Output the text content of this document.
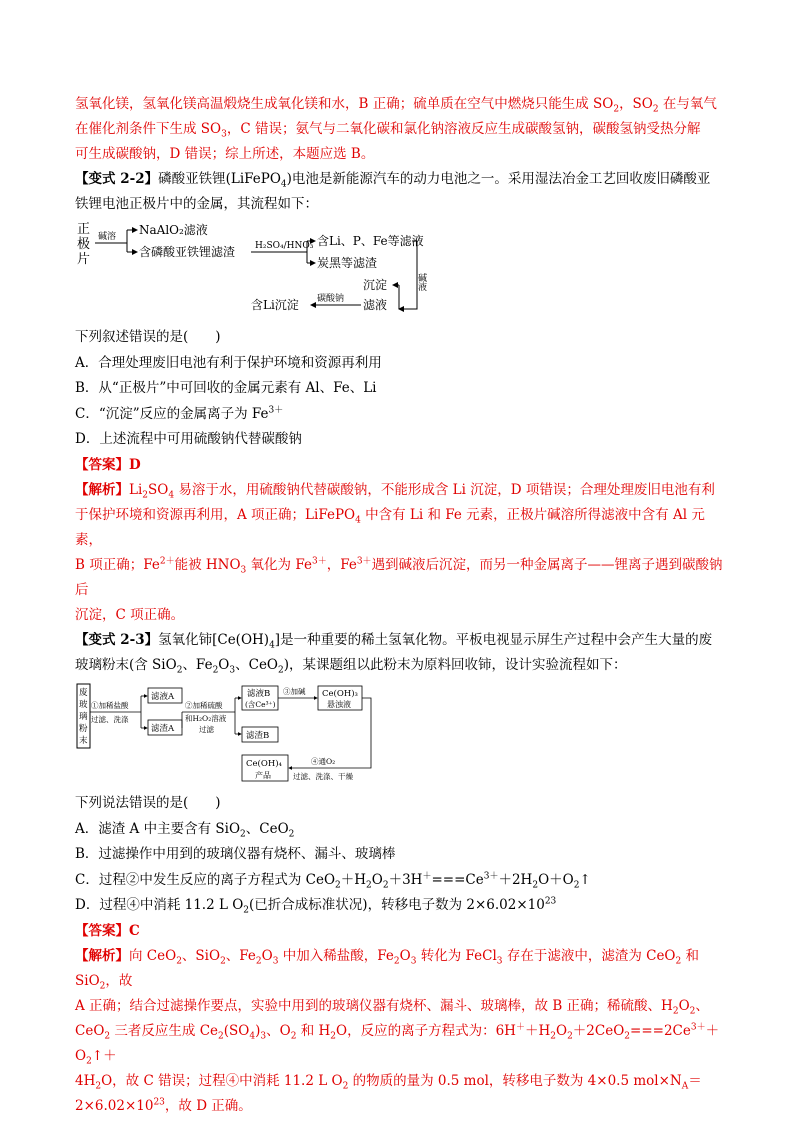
氢氧化镁，氢氧化镁高温煅烧生成氧化镁和水，B 正确；硫单质在空气中燃烧只能生成 $SO_2$，$SO_2$ 在与氧气

在催化剂条件下生成 $SO_3$，C 错误；氨气与二氧化碳和氯化钠溶液反应生成碳酸氢钠，碳酸氢钠受热分解

可生成碳酸钠，D 错误；综上所述，本题应选 B。

【变式 2-2】磷酸亚铁锂(LiFePO$_4$)电池是新能源汽车的动力电池之一。采用湿法冶金工艺回收废旧磷酸亚

铁锂电池正极片中的金属，其流程如下：

正
极
片
碱溶 NaAlO₂滤液
含磷酸亚铁锂滤渣 H₂SO₄/HNO₃ 含Li、P、Fe等滤液
炭黑等滤渣
碱液
沉淀
滤液
碳酸钠
含Li沉淀

下列叙述错误的是(　　)

A．合理处理废旧电池有利于保护环境和资源再利用

B．从“正极片”中可回收的金属元素有 Al、Fe、Li

C．“沉淀”反应的金属离子为 $Fe^{3+}$

D．上述流程中可用硫酸钠代替碳酸钠

【答案】D

【解析】$Li_2SO_4$ 易溶于水，用硫酸钠代替碳酸钠，不能形成含 Li 沉淀，D 项错误；合理处理废旧电池有利

于保护环境和资源再利用，A 项正确；LiFePO$_4$ 中含有 Li 和 Fe 元素，正极片碱溶所得滤液中含有 Al 元素，

B 项正确；$Fe^{2+}$能被 $HNO_3$ 氧化为 $Fe^{3+}$，$Fe^{3+}$遇到碱液后沉淀，而另一种金属离子——锂离子遇到碳酸钠后

沉淀，C 项正确。

【变式 2-3】氢氧化铈$[Ce(OH)_4]$是一种重要的稀土氢氧化物。平板电视显示屏生产过程中会产生大量的废

玻璃粉末(含 SiO$_2$、$Fe_2O_3$、CeO$_2$)，某课题组以此粉末为原料回收铈，设计实验流程如下：

废
玻
璃
粉
末
①加稀盐酸
过滤、洗涤
滤液A
滤渣A
②加稀硫酸
和H₂O₂溶液
过滤
滤液B
(含Ce³⁺)
滤渣B
③加碱 Ce(OH)₃
悬浊液
④通O₂
过滤、洗涤、干燥
Ce(OH)₄
产品

下列说法错误的是(　　)

A．滤渣 A 中主要含有 SiO$_2$、CeO$_2$

B．过滤操作中用到的玻璃仪器有烧杯、漏斗、玻璃棒

C．过程②中发生反应的离子方程式为 $CeO_2+H_2O_2+3H^+===Ce^{3+}+2H_2O+O_2↑$

D．过程④中消耗 11.2 L $O_2$(已折合成标准状况)，转移电子数为 $2\times 6.02\times 10^{23}$

【答案】C

【解析】向 CeO$_2$、SiO$_2$、$Fe_2O_3$ 中加入稀盐酸，$Fe_2O_3$ 转化为 FeCl$_3$ 存在于滤液中，滤渣为 CeO$_2$ 和 SiO$_2$，故

A 正确；结合过滤操作要点，实验中用到的玻璃仪器有烧杯、漏斗、玻璃棒，故 B 正确；稀硫酸、$H_2O_2$、

CeO$_2$ 三者反应生成 $Ce_2(SO_4)_3$、$O_2$ 和 $H_2O$，反应的离子方程式为：$6H^++H_2O_2+2CeO_2===2Ce^{3+}+O_2↑+$

$4H_2O$，故 C 错误；过程④中消耗 11.2 L $O_2$ 的物质的量为 0.5 mol，转移电子数为 4×0.5 $mol\times N_A=$

$2\times 6.02\times 10^{23}$，故 D 正确。
